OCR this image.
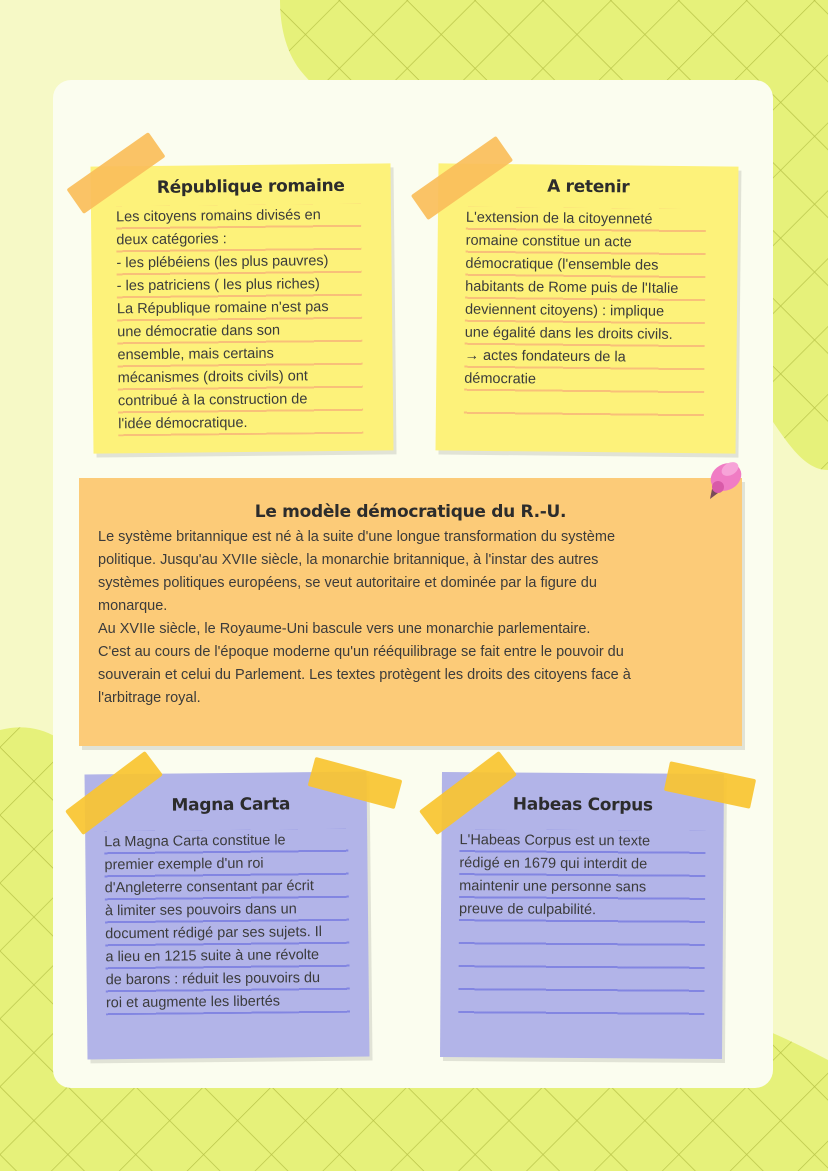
République romaine
Les citoyens romains divisés en
deux catégories :
- les plébéiens (les plus pauvres)
- les patriciens ( les plus riches)
La République romaine n'est pas
une démocratie dans son
ensemble, mais certains
mécanismes (droits civils) ont
contribué à la construction de
l'idée démocratique.
A retenir
L'extension de la citoyenneté
romaine constitue un acte
démocratique (l'ensemble des
habitants de Rome puis de l'Italie
deviennent citoyens) : implique
une égalité dans les droits civils.
→ actes fondateurs de la
démocratie
Le modèle démocratique du R.-U.
Le système britannique est né à la suite d'une longue transformation du système
politique. Jusqu'au XVIIe siècle, la monarchie britannique, à l'instar des autres
systèmes politiques européens, se veut autoritaire et dominée par la figure du
monarque.
Au XVIIe siècle, le Royaume-Uni bascule vers une monarchie parlementaire.
C'est au cours de l'époque moderne qu'un rééquilibrage se fait entre le pouvoir du
souverain et celui du Parlement. Les textes protègent les droits des citoyens face à
l'arbitrage royal.
Magna Carta
La Magna Carta constitue le
premier exemple d'un roi
d'Angleterre consentant par écrit
à limiter ses pouvoirs dans un
document rédigé par ses sujets. Il
a lieu en 1215 suite à une révolte
de barons : réduit les pouvoirs du
roi et augmente les libertés
Habeas Corpus
L'Habeas Corpus est un texte
rédigé en 1679 qui interdit de
maintenir une personne sans
preuve de culpabilité.
